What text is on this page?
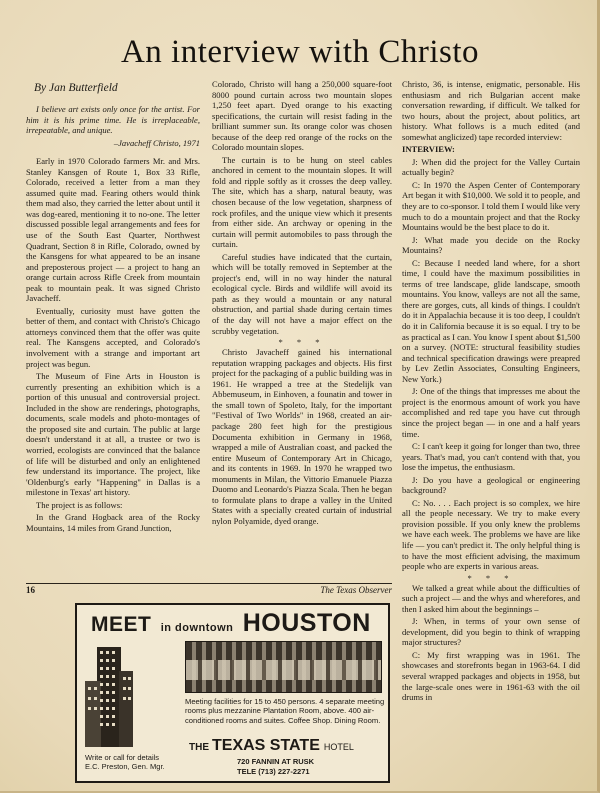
An interview with Christo
By Jan Butterfield

I believe art exists only once for the artist. For him it is his prime time. He is irreplaceable, irrepeatable, and unique.

–Javacheff Christo, 1971

Early in 1970 Colorado farmers Mr. and Mrs. Stanley Kansgen of Route 1, Box 33 Rifle, Colorado, received a letter from a man they assumed quite mad. Fearing others would think them mad also, they carried the letter about until it was dog-eared, mentioning it to no-one. The letter discussed possible legal arrangements and fees for use of the South East Quarter, Northwest Quadrant, Section 8 in Rifle, Colorado, owned by the Kansgens for what appeared to be an insane and preposterous project — a project to hang an orange curtain across Rifle Creek from mountain peak to mountain peak. It was signed Christo Javacheff.

Eventually, curiosity must have gotten the better of them, and contact with Christo's Chicago attorneys convinced them that the offer was quite real. The Kansgens accepted, and Colorado's involvement with a strange and important art project was begun.

The Museum of Fine Arts in Houston is currently presenting an exhibition which is a portion of this unusual and controversial project. Included in the show are renderings, photographs, documents, scale models and photo-montages of the proposed site and curtain. The public at large doesn't understand it at all, a trustee or two is worried, ecologists are convinced that the balance of life will be disturbed and only an enlightened few understand its importance. The project, like 'Oldenburg's early "Happening" in Dallas is a milestone in Texas' art history.

The project is as follows:

In the Grand Hogback area of the Rocky Mountains, 14 miles from Grand Junction,

Colorado, Christo will hang a 250,000 square-foot 8000 pound curtain across two mountain slopes 1,250 feet apart. Dyed orange to his exacting specifications, the curtain will resist fading in the brilliant summer sun. Its orange color was chosen because of the deep red orange of the rocks on the Colorado mountain slopes.

The curtain is to be hung on steel cables anchored in cement to the mountain slopes. It will fold and ripple softly as it crosses the deep valley. The site, which has a sharp, natural beauty, was chosen because of the low vegetation, sharpness of rock profiles, and the unique view which it presents from either side. An archway or opening in the curtain will permit automobiles to pass through the curtain.

Careful studies have indicated that the curtain, which will be totally removed in September at the project's end, will in no way hinder the natural ecological cycle. Birds and wildlife will avoid its path as they would a mountain or any natural obstruction, and partial shade during certain times of the day will not have a major effect on the scrubby vegetation.

* * *

Christo Javacheff gained his international reputation wrapping packages and objects. His first project for the packaging of a public building was in 1961. He wrapped a tree at the Stedelijk van Abbemuseum, in Einhoven, a founatin and tower in the small town of Spoleto, Italy, for the important "Festival of Two Worlds" in 1968, created an air-package 280 feet high for the prestigious Documenta exhibition in Germany in 1968, wrapped a mile of Australian coast, and packed the entire Museum of Contemporary Art in Chicago, and its contents in 1969. In 1970 he wrapped two monuments in Milan, the Vittorio Emanuele Piazza Duomo and Leonardo's Piazza Scala. Then he began to formulate plans to drape a valley in the United States with a specially created curtain of industrial nylon Polyamide, dyed orange.

Christo, 36, is intense, enigmatic, personable. His enthusiasm and rich Bulgarian accent make conversation rewarding, if difficult. We talked for two hours, about the project, about politics, art history. What follows is a much edited (and somewhat anglicized) tape recorded interview:

INTERVIEW:

J: When did the project for the Valley Curtain actually begin?

C: In 1970 the Aspen Center of Contemporary Art began it with $10,000. We sold it to people, and they are to co-sponsor. I told them I would like very much to do a mountain project and that the Rocky Mountains would be the best place to do it.

J: What made you decide on the Rocky Mountains?

C: Because I needed land where, for a short time, I could have the maximum possibilities in terms of tree landscape, glide landscape, smooth mountains. You know, valleys are not all the same, there are gorges, cuts, all kinds of things. I couldn't do it in Appalachia because it is too deep, I couldn't do it in California because it is so equal. I try to be as practical as I can. You know I spent about $1,500 on a survey. (NOTE: structural feasibility studies and technical specification drawings were preapred by Lev Zetlin Associates, Consulting Engineers, New York.)

J: One of the things that impresses me about the project is the enormous amount of work you have accomplished and red tape you have cut through since the project began — in one and a half years time.

C: I can't keep it going for longer than two, three years. That's mad, you can't contend with that, you lose the impetus, the enthusiasm.

J: Do you have a geological or engineering background?

C: No. . . . Each project is so complex, we hire all the people necessary. We try to make every provision possible. If you only knew the problems we have each week. The problems we have are like life — you can't predict it. The only helpful thing is to have the most efficient advising, the maximum people who are experts in various areas.

* * *

We talked a great while about the difficulties of such a project — and the whys and wherefores, and then I asked him about the beginnings –

J: When, in terms of your own sense of development, did you begin to think of wrapping major structures?

C: My first wrapping was in 1961. The showcases and storefronts began in 1963-64. I did several wrapped packages and objects in 1958, but the large-scale ones were in 1961-63 with the oil drums in

16	The Texas Observer
MEET in downtown HOUSTON
Meeting facilities for 15 to 450 persons. 4 separate meeting rooms plus mezzanine Plantation Room, above. 400 air-conditioned rooms and suites. Coffee Shop. Dining Room.
Write or call for details
E.C. Preston, Gen. Mgr.
THE TEXAS STATE HOTEL
720 FANNIN AT RUSK
TELE (713) 227-2271
